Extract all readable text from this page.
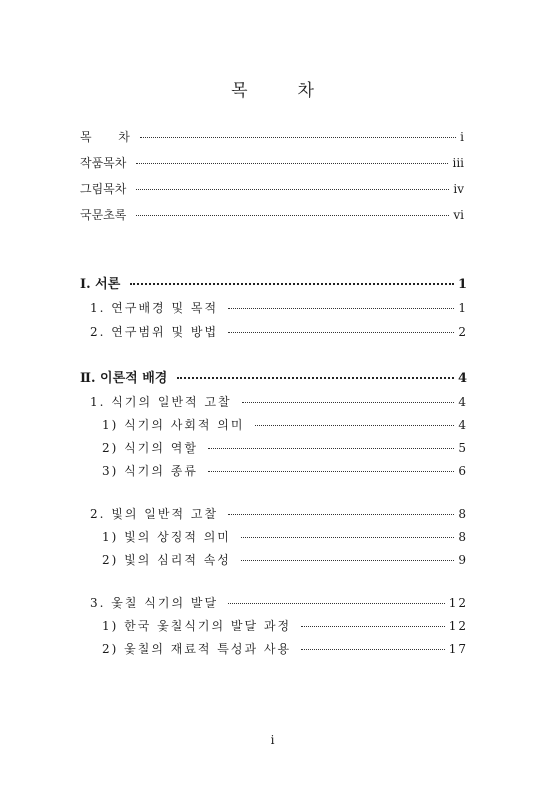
목	차
목       차	i
작품목차	iii
그림목차	iv
국문초록	vi
Ⅰ. 서론	1
1. 연구배경 및 목적	1
2. 연구범위 및 방법	2
Ⅱ. 이론적 배경	4
1. 식기의 일반적 고찰	4
1) 식기의 사회적 의미	4
2) 식기의 역할	5
3) 식기의 종류	6
2. 빛의 일반적 고찰	8
1) 빛의 상징적 의미	8
2) 빛의 심리적 속성	9
3. 옻칠 식기의 발달	12
1) 한국 옻칠식기의 발달 과정	12
2) 옻칠의 재료적 특성과 사용	17
i
